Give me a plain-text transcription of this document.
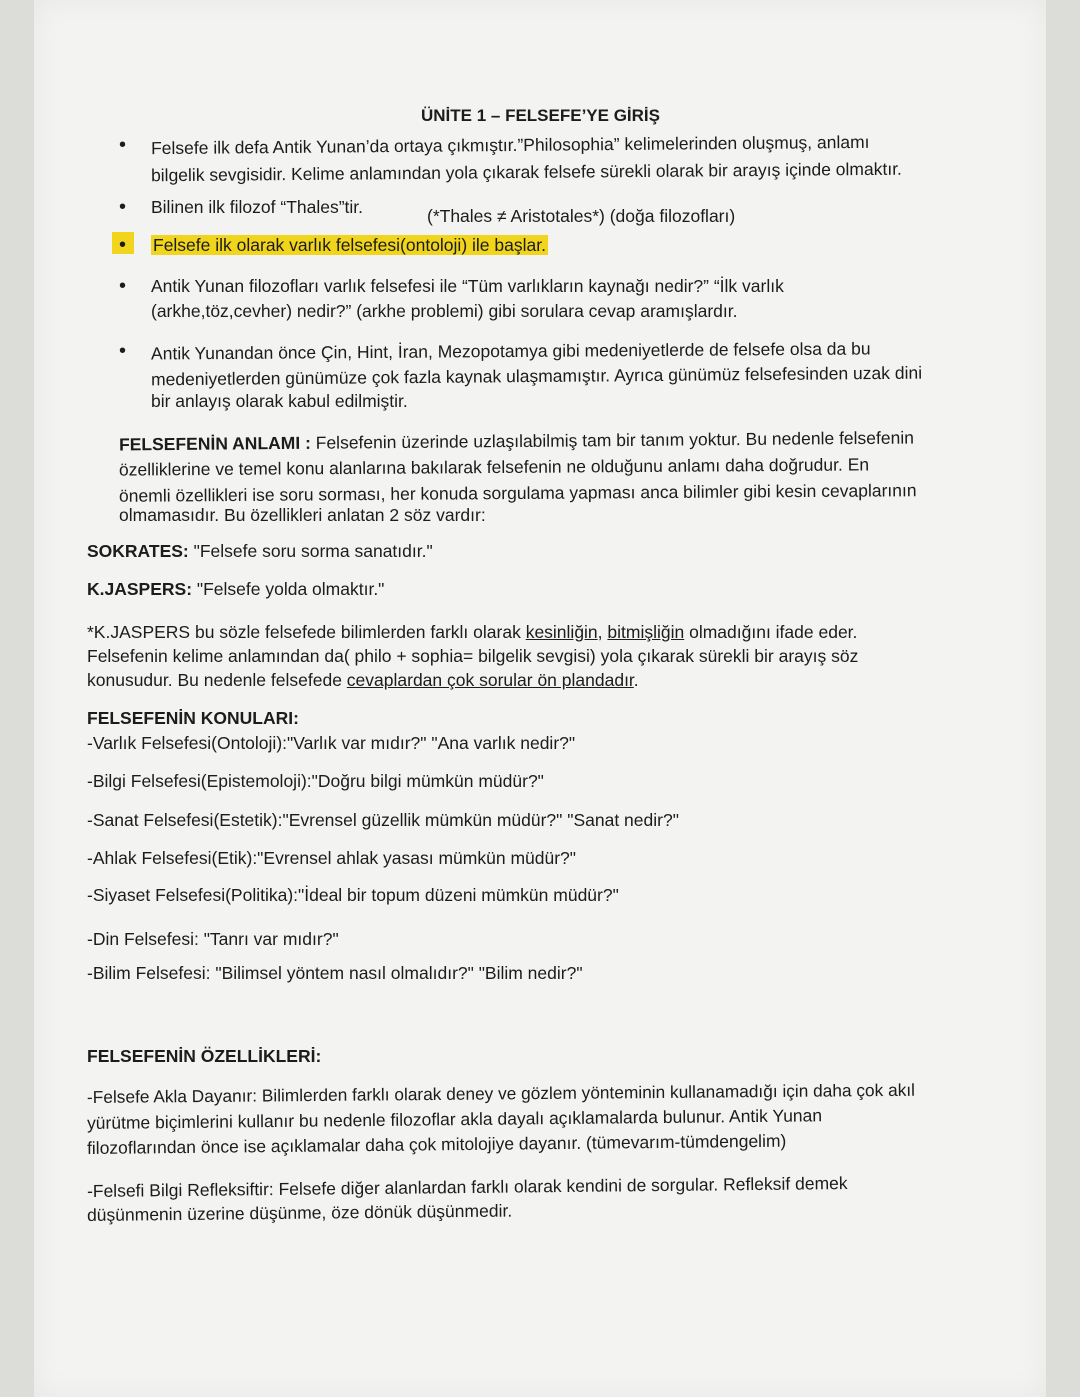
ÜNİTE 1 – FELSEFE’YE GİRİŞ
• Felsefe ilk defa Antik Yunan’da ortaya çıkmıştır.”Philosophia” kelimelerinden oluşmuş, anlamı
bilgelik sevgisidir. Kelime anlamından yola çıkarak felsefe sürekli olarak bir arayış içinde olmaktır.
• Bilinen ilk filozof “Thales”tir.	(*Thales ≠ Aristotales*) (doğa filozofları)
• Felsefe ilk olarak varlık felsefesi(ontoloji) ile başlar.
• Antik Yunan filozofları varlık felsefesi ile “Tüm varlıkların kaynağı nedir?” “İlk varlık
(arkhe,töz,cevher) nedir?” (arkhe problemi) gibi sorulara cevap aramışlardır.
• Antik Yunandan önce Çin, Hint, İran, Mezopotamya gibi medeniyetlerde de felsefe olsa da bu
medeniyetlerden günümüze çok fazla kaynak ulaşmamıştır. Ayrıca günümüz felsefesinden uzak dini
bir anlayış olarak kabul edilmiştir.
FELSEFENİN ANLAMI : Felsefenin üzerinde uzlaşılabilmiş tam bir tanım yoktur. Bu nedenle felsefenin
özelliklerine ve temel konu alanlarına bakılarak felsefenin ne olduğunu anlamı daha doğrudur. En
önemli özellikleri ise soru sorması, her konuda sorgulama yapması anca bilimler gibi kesin cevaplarının
olmamasıdır. Bu özellikleri anlatan 2 söz vardır:
SOKRATES: "Felsefe soru sorma sanatıdır."
K.JASPERS: "Felsefe yolda olmaktır."
*K.JASPERS bu sözle felsefede bilimlerden farklı olarak kesinliğin, bitmişliğin olmadığını ifade eder.
Felsefenin kelime anlamından da( philo + sophia= bilgelik sevgisi) yola çıkarak sürekli bir arayış söz
konusudur. Bu nedenle felsefede cevaplardan çok sorular ön plandadır.
FELSEFENİN KONULARI:
-Varlık Felsefesi(Ontoloji):"Varlık var mıdır?" "Ana varlık nedir?"
-Bilgi Felsefesi(Epistemoloji):"Doğru bilgi mümkün müdür?"
-Sanat Felsefesi(Estetik):"Evrensel güzellik mümkün müdür?" "Sanat nedir?"
-Ahlak Felsefesi(Etik):"Evrensel ahlak yasası mümkün müdür?"
-Siyaset Felsefesi(Politika):"İdeal bir topum düzeni mümkün müdür?"
-Din Felsefesi: "Tanrı var mıdır?"
-Bilim Felsefesi: "Bilimsel yöntem nasıl olmalıdır?" "Bilim nedir?"
FELSEFENİN ÖZELLİKLERİ:
-Felsefe Akla Dayanır: Bilimlerden farklı olarak deney ve gözlem yönteminin kullanamadığı için daha çok akıl
yürütme biçimlerini kullanır bu nedenle filozoflar akla dayalı açıklamalarda bulunur. Antik Yunan
filozoflarından önce ise açıklamalar daha çok mitolojiye dayanır. (tümevarım-tümdengelim)
-Felsefi Bilgi Refleksiftir: Felsefe diğer alanlardan farklı olarak kendini de sorgular. Refleksif demek
düşünmenin üzerine düşünme, öze dönük düşünmedir.
